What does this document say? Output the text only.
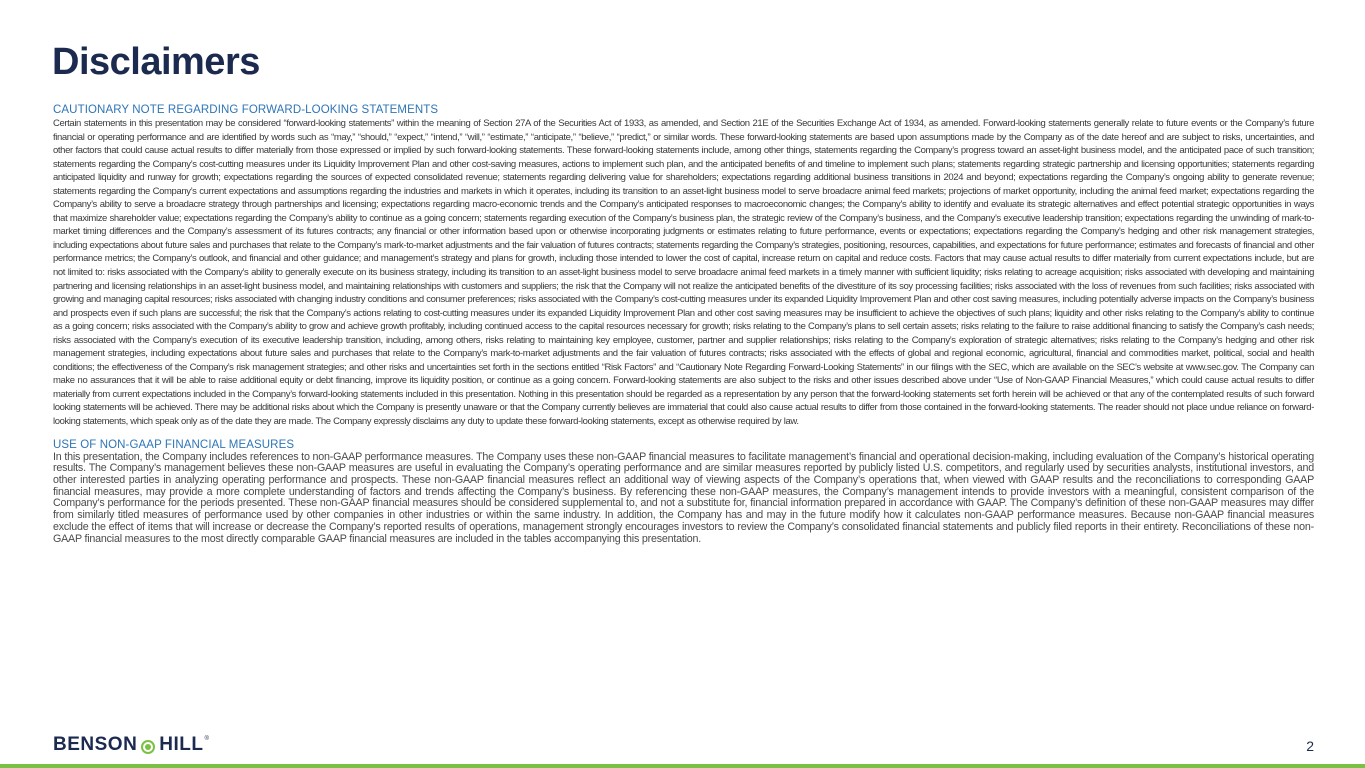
Disclaimers
CAUTIONARY NOTE REGARDING FORWARD-LOOKING STATEMENTS

Certain statements in this presentation may be considered “forward-looking statements” within the meaning of Section 27A of the Securities Act of 1933, as amended, and Section 21E of the Securities Exchange Act of 1934, as amended. Forward-looking statements generally relate to future events or the Company’s future financial or operating performance and are identified by words such as “may,” “should,” “expect,” “intend,” “will,” “estimate,” “anticipate,” “believe,” “predict,” or similar words. These forward-looking statements are based upon assumptions made by the Company as of the date hereof and are subject to risks, uncertainties, and other factors that could cause actual results to differ materially from those expressed or implied by such forward-looking statements. These forward-looking statements include, among other things, statements regarding the Company’s progress toward an asset-light business model, and the anticipated pace of such transition; statements regarding the Company’s cost-cutting measures under its Liquidity Improvement Plan and other cost-saving measures, actions to implement such plan, and the anticipated benefits of and timeline to implement such plans; statements regarding strategic partnership and licensing opportunities; statements regarding anticipated liquidity and runway for growth; expectations regarding the sources of expected consolidated revenue; statements regarding delivering value for shareholders; expectations regarding additional business transitions in 2024 and beyond; expectations regarding the Company’s ongoing ability to generate revenue; statements regarding the Company’s current expectations and assumptions regarding the industries and markets in which it operates, including its transition to an asset-light business model to serve broadacre animal feed markets; projections of market opportunity, including the animal feed market; expectations regarding the Company’s ability to serve a broadacre strategy through partnerships and licensing; expectations regarding macro-economic trends and the Company’s anticipated responses to macroeconomic changes; the Company’s ability to identify and evaluate its strategic alternatives and effect potential strategic opportunities in ways that maximize shareholder value; expectations regarding the Company’s ability to continue as a going concern; statements regarding execution of the Company’s business plan, the strategic review of the Company’s business, and the Company’s executive leadership transition; expectations regarding the unwinding of mark-to-market timing differences and the Company’s assessment of its futures contracts; any financial or other information based upon or otherwise incorporating judgments or estimates relating to future performance, events or expectations; expectations regarding the Company’s hedging and other risk management strategies, including expectations about future sales and purchases that relate to the Company’s mark-to-market adjustments and the fair valuation of futures contracts; statements regarding the Company’s strategies, positioning, resources, capabilities, and expectations for future performance; estimates and forecasts of financial and other performance metrics; the Company’s outlook, and financial and other guidance; and management’s strategy and plans for growth, including those intended to lower the cost of capital, increase return on capital and reduce costs. Factors that may cause actual results to differ materially from current expectations include, but are not limited to: risks associated with the Company’s ability to generally execute on its business strategy, including its transition to an asset-light business model to serve broadacre animal feed markets in a timely manner with sufficient liquidity; risks relating to acreage acquisition; risks associated with developing and maintaining partnering and licensing relationships in an asset-light business model, and maintaining relationships with customers and suppliers; the risk that the Company will not realize the anticipated benefits of the divestiture of its soy processing facilities; risks associated with the loss of revenues from such facilities; risks associated with growing and managing capital resources; risks associated with changing industry conditions and consumer preferences; risks associated with the Company’s cost-cutting measures under its expanded Liquidity Improvement Plan and other cost saving measures, including potentially adverse impacts on the Company’s business and prospects even if such plans are successful; the risk that the Company’s actions relating to cost-cutting measures under its expanded Liquidity Improvement Plan and other cost saving measures may be insufficient to achieve the objectives of such plans; liquidity and other risks relating to the Company’s ability to continue as a going concern; risks associated with the Company’s ability to grow and achieve growth profitably, including continued access to the capital resources necessary for growth; risks relating to the Company’s plans to sell certain assets; risks relating to the failure to raise additional financing to satisfy the Company’s cash needs; risks associated with the Company’s execution of its executive leadership transition, including, among others, risks relating to maintaining key employee, customer, partner and supplier relationships; risks relating to the Company’s exploration of strategic alternatives; risks relating to the Company’s hedging and other risk management strategies, including expectations about future sales and purchases that relate to the Company’s mark-to-market adjustments and the fair valuation of futures contracts; risks associated with the effects of global and regional economic, agricultural, financial and commodities market, political, social and health conditions; the effectiveness of the Company’s risk management strategies; and other risks and uncertainties set forth in the sections entitled “Risk Factors” and “Cautionary Note Regarding Forward-Looking Statements” in our filings with the SEC, which are available on the SEC’s website at www.sec.gov. The Company can make no assurances that it will be able to raise additional equity or debt financing, improve its liquidity position, or continue as a going concern. Forward-looking statements are also subject to the risks and other issues described above under “Use of Non-GAAP Financial Measures,” which could cause actual results to differ materially from current expectations included in the Company’s forward-looking statements included in this presentation. Nothing in this presentation should be regarded as a representation by any person that the forward-looking statements set forth herein will be achieved or that any of the contemplated results of such forward looking statements will be achieved. There may be additional risks about which the Company is presently unaware or that the Company currently believes are immaterial that could also cause actual results to differ from those contained in the forward-looking statements. The reader should not place undue reliance on forward-looking statements, which speak only as of the date they are made. The Company expressly disclaims any duty to update these forward-looking statements, except as otherwise required by law.

USE OF NON-GAAP FINANCIAL MEASURES

In this presentation, the Company includes references to non-GAAP performance measures. The Company uses these non-GAAP financial measures to facilitate management’s financial and operational decision-making, including evaluation of the Company’s historical operating results. The Company’s management believes these non-GAAP measures are useful in evaluating the Company’s operating performance and are similar measures reported by publicly listed U.S. competitors, and regularly used by securities analysts, institutional investors, and other interested parties in analyzing operating performance and prospects. These non-GAAP financial measures reflect an additional way of viewing aspects of the Company’s operations that, when viewed with GAAP results and the reconciliations to corresponding GAAP financial measures, may provide a more complete understanding of factors and trends affecting the Company’s business. By referencing these non-GAAP measures, the Company’s management intends to provide investors with a meaningful, consistent comparison of the Company’s performance for the periods presented. These non-GAAP financial measures should be considered supplemental to, and not a substitute for, financial information prepared in accordance with GAAP. The Company’s definition of these non-GAAP measures may differ from similarly titled measures of performance used by other companies in other industries or within the same industry. In addition, the Company has and may in the future modify how it calculates non-GAAP performance measures. Because non-GAAP financial measures exclude the effect of items that will increase or decrease the Company’s reported results of operations, management strongly encourages investors to review the Company’s consolidated financial statements and publicly filed reports in their entirety. Reconciliations of these non-GAAP financial measures to the most directly comparable GAAP financial measures are included in the tables accompanying this presentation.

BENSON HILL ®	2
